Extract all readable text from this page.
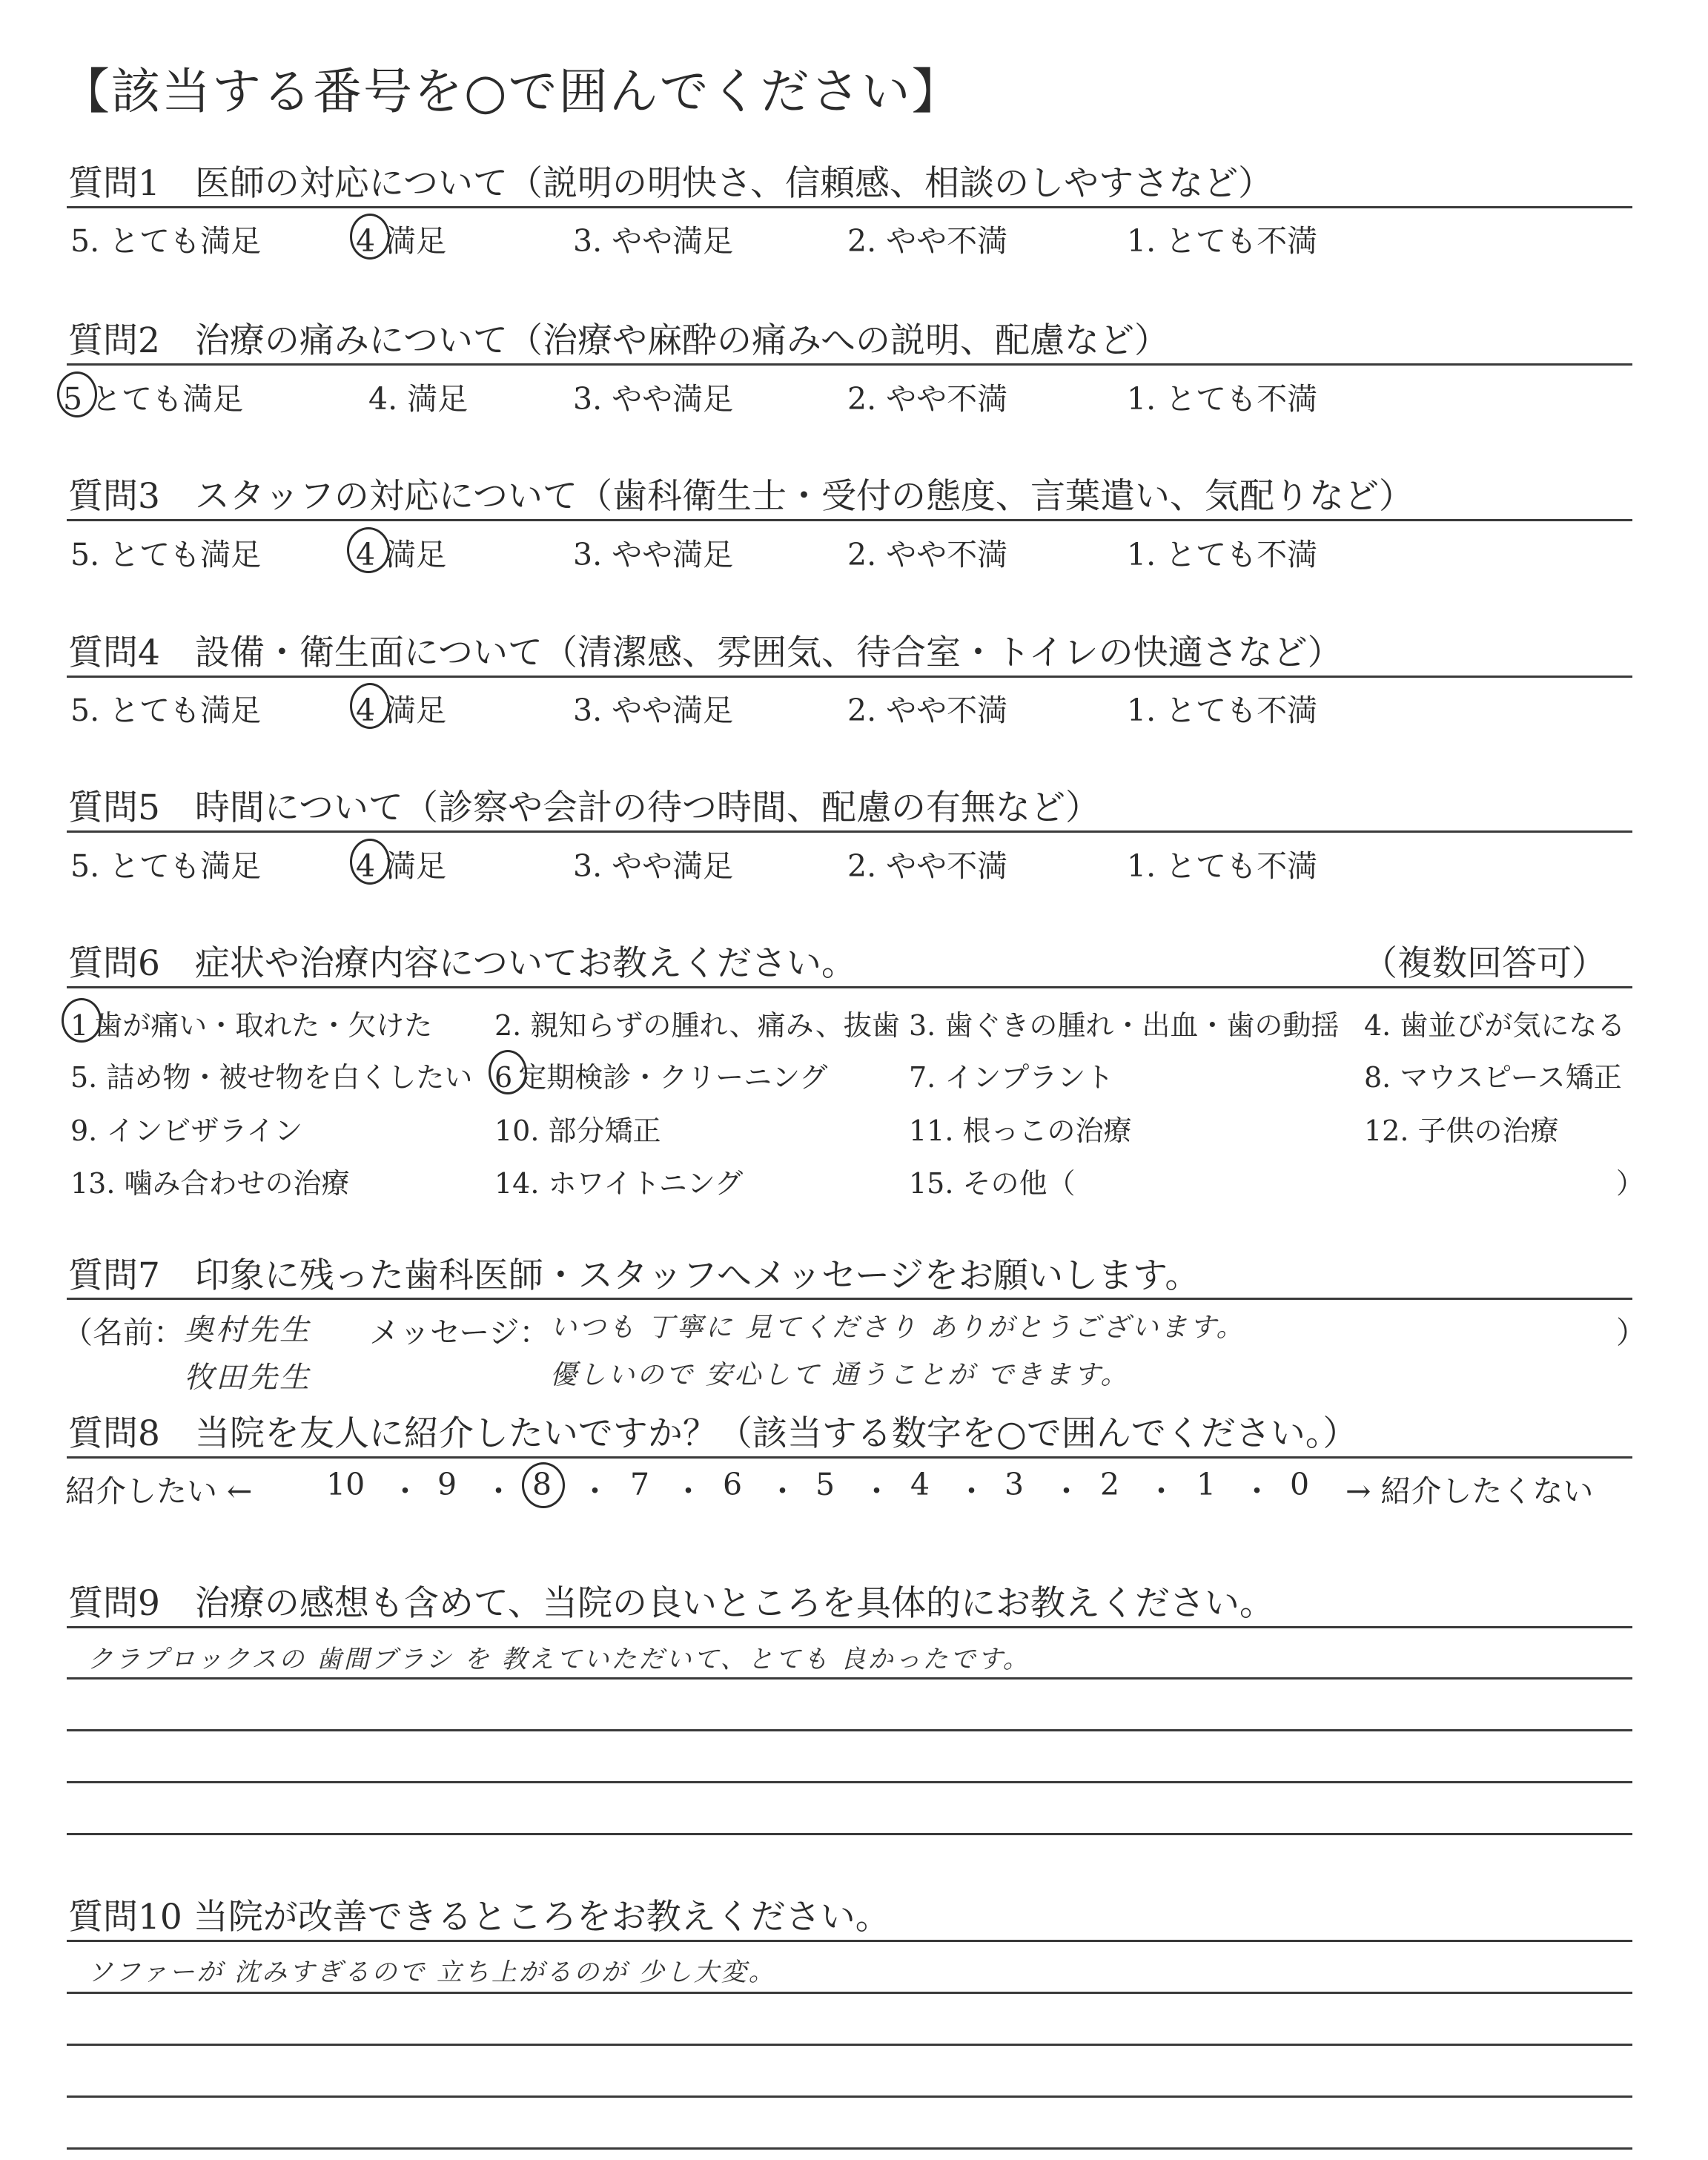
【該当する番号を○で囲んでください】
質問1　医師の対応について（説明の明快さ、信頼感、相談のしやすさなど）
5. とても満足	4 満足	3. やや満足	2. やや不満	1. とても不満
質問2　治療の痛みについて（治療や麻酔の痛みへの説明、配慮など）
5 とても満足	4. 満足	3. やや満足	2. やや不満	1. とても不満
質問3　スタッフの対応について（歯科衛生士・受付の態度、言葉遣い、気配りなど）
5. とても満足	4 満足	3. やや満足	2. やや不満	1. とても不満
質問4　設備・衛生面について（清潔感、雰囲気、待合室・トイレの快適さなど）
5. とても満足	4 満足	3. やや満足	2. やや不満	1. とても不満
質問5　時間について（診察や会計の待つ時間、配慮の有無など）
5. とても満足	4 満足	3. やや満足	2. やや不満	1. とても不満
質問6　症状や治療内容についてお教えください。	（複数回答可）
1 歯が痛い・取れた・欠けた 2. 親知らずの腫れ、痛み、抜歯 3. 歯ぐきの腫れ・出血・歯の動揺 4. 歯並びが気になる
5. 詰め物・被せ物を白くしたい 6 定期検診・クリーニング	7. インプラント	8. マウスピース矯正
9. インビザライン	10. 部分矯正	11. 根っこの治療	12. 子供の治療
13. 噛み合わせの治療	14. ホワイトニング	15. その他（	）
質問7　印象に残った歯科医師・スタッフへメッセージをお願いします。
（名前： 奥村先生
牧田先生
メッセージ： いつも 丁寧に 見てくださり ありがとうございます。
優しいので 安心して 通うことが できます。
）
質問8　当院を友人に紹介したいですか？（該当する数字を○で囲んでください。）
紹介したい ←	→ 紹介したくない
10 9 8	7 6 5 4 3	2	1 0
・ ・ ・ ・ ・ ・ ・ ・ ・ ・
質問9　治療の感想も含めて、当院の良いところを具体的にお教えください。
クラプロックスの 歯間ブラシ を 教えていただいて、とても 良かったです。
質問10 当院が改善できるところをお教えください。
ソファーが 沈みすぎるので 立ち上がるのが 少し大変。
